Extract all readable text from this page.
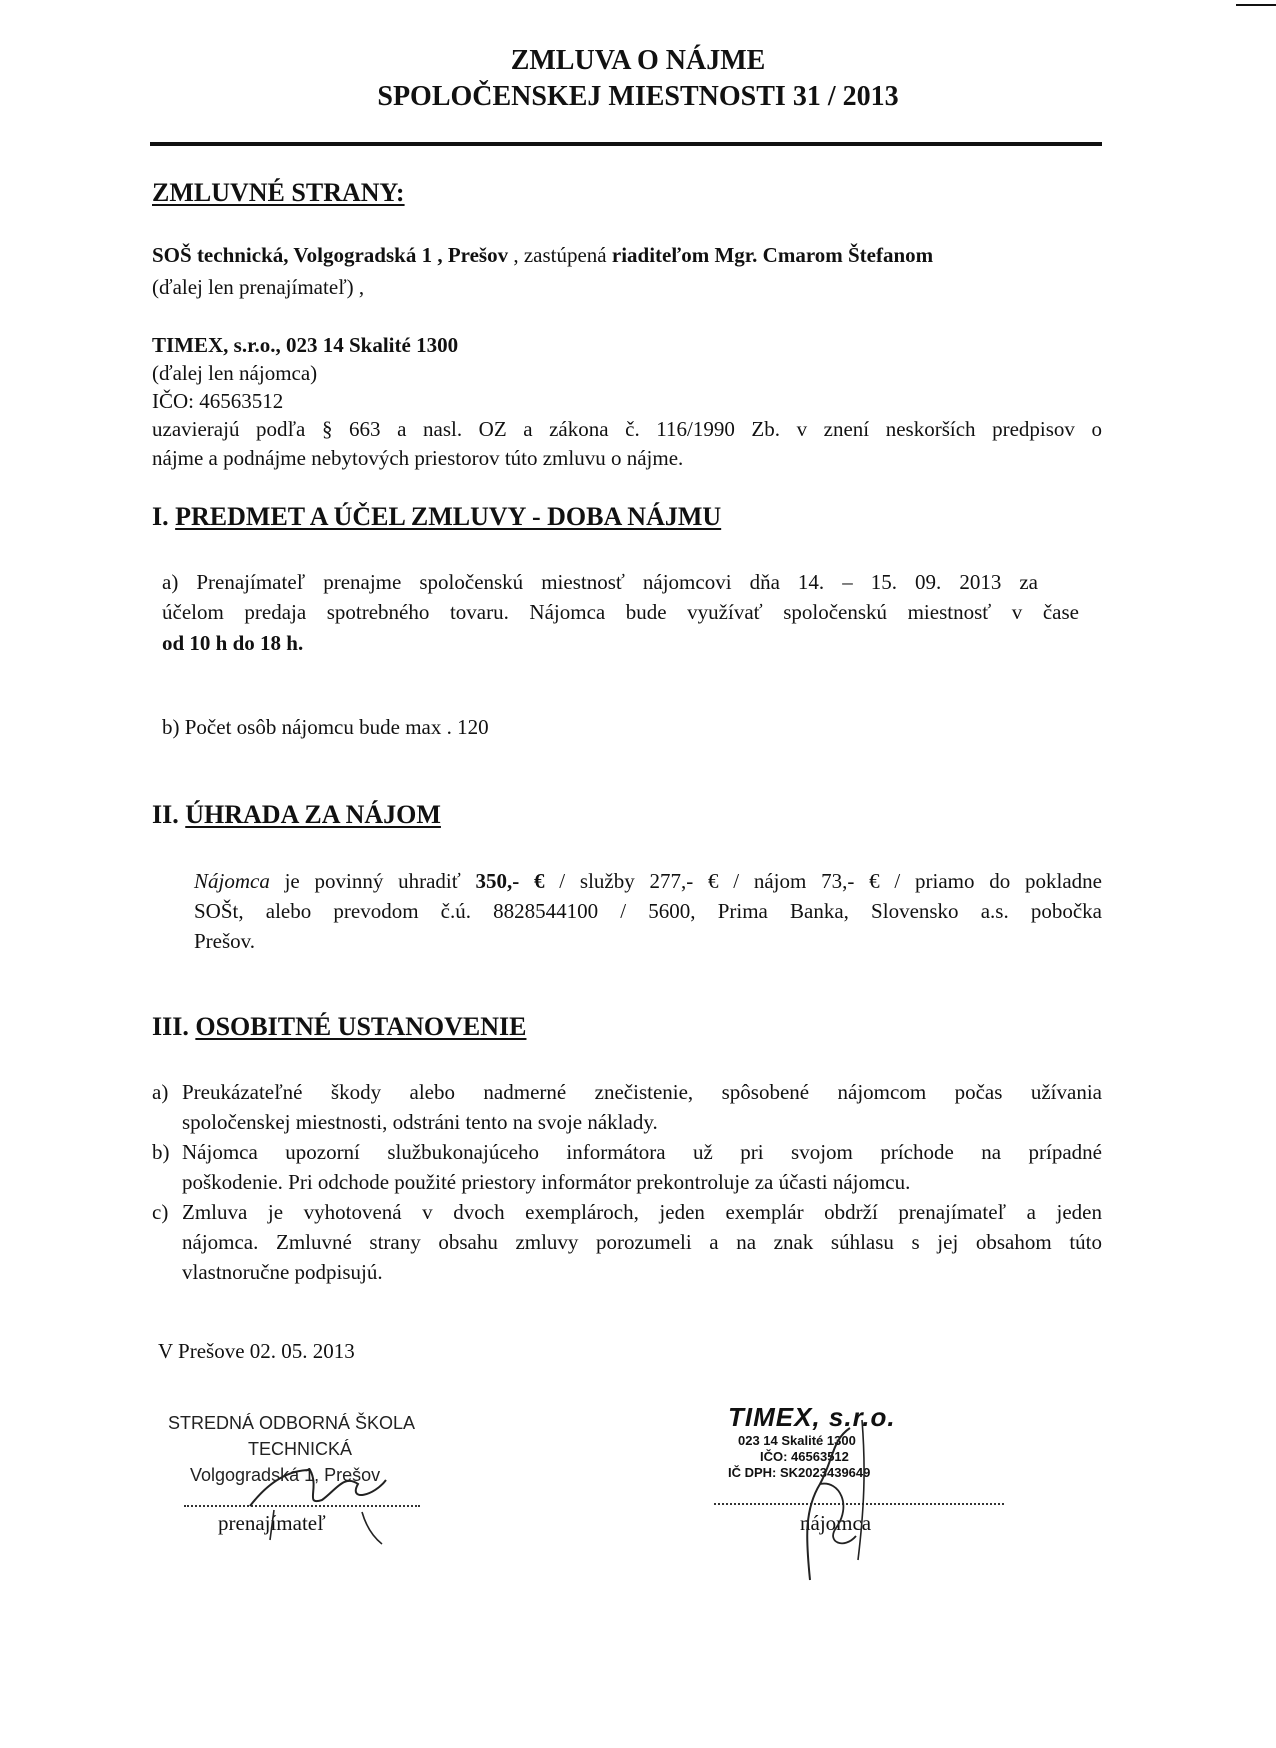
ZMLUVA O NÁJME
SPOLOČENSKEJ MIESTNOSTI 31 / 2013
ZMLUVNÉ STRANY:
SOŠ technická, Volgogradská 1 , Prešov , zastúpená riaditeľom Mgr. Cmarom Štefanom
(ďalej len prenajímateľ) ,
TIMEX, s.r.o., 023 14 Skalité 1300
(ďalej len nájomca)
IČO: 46563512
uzavierajú podľa § 663 a nasl. OZ a zákona č. 116/1990 Zb. v znení neskorších predpisov o
nájme a podnájme nebytových priestorov túto zmluvu o nájme.
I. PREDMET A ÚČEL ZMLUVY - DOBA NÁJMU
a) Prenajímateľ prenajme spoločenskú miestnosť nájomcovi dňa 14. – 15. 09. 2013 za
účelom predaja spotrebného tovaru. Nájomca bude využívať spoločenskú miestnosť v čase
od 10 h do 18 h.
b) Počet osôb nájomcu bude max . 120
II. ÚHRADA ZA NÁJOM
Nájomca je povinný uhradiť 350,- € / služby 277,- € / nájom 73,- € / priamo do pokladne
SOŠt, alebo prevodom č.ú. 8828544100 / 5600, Prima Banka, Slovensko a.s. pobočka
Prešov.
III. OSOBITNÉ USTANOVENIE
a) Preukázateľné škody alebo nadmerné znečistenie, spôsobené nájomcom počas užívania
spoločenskej miestnosti, odstráni tento na svoje náklady.
b) Nájomca upozorní službukonajúceho informátora už pri svojom príchode na prípadné
poškodenie. Pri odchode použité priestory informátor prekontroluje za účasti nájomcu.
c) Zmluva je vyhotovená v dvoch exemplároch, jeden exemplár obdrží prenajímateľ a jeden
nájomca. Zmluvné strany obsahu zmluvy porozumeli a na znak súhlasu s jej obsahom túto
vlastnoručne podpisujú.
V Prešove 02. 05. 2013
STREDNÁ ODBORNÁ ŠKOLA
TECHNICKÁ
Volgogradská 1, Prešov
prenajímateľ
TIMEX, s.r.o.
023 14 Skalité 1300
IČO: 46563512
IČ DPH: SK2023439649
nájomca
